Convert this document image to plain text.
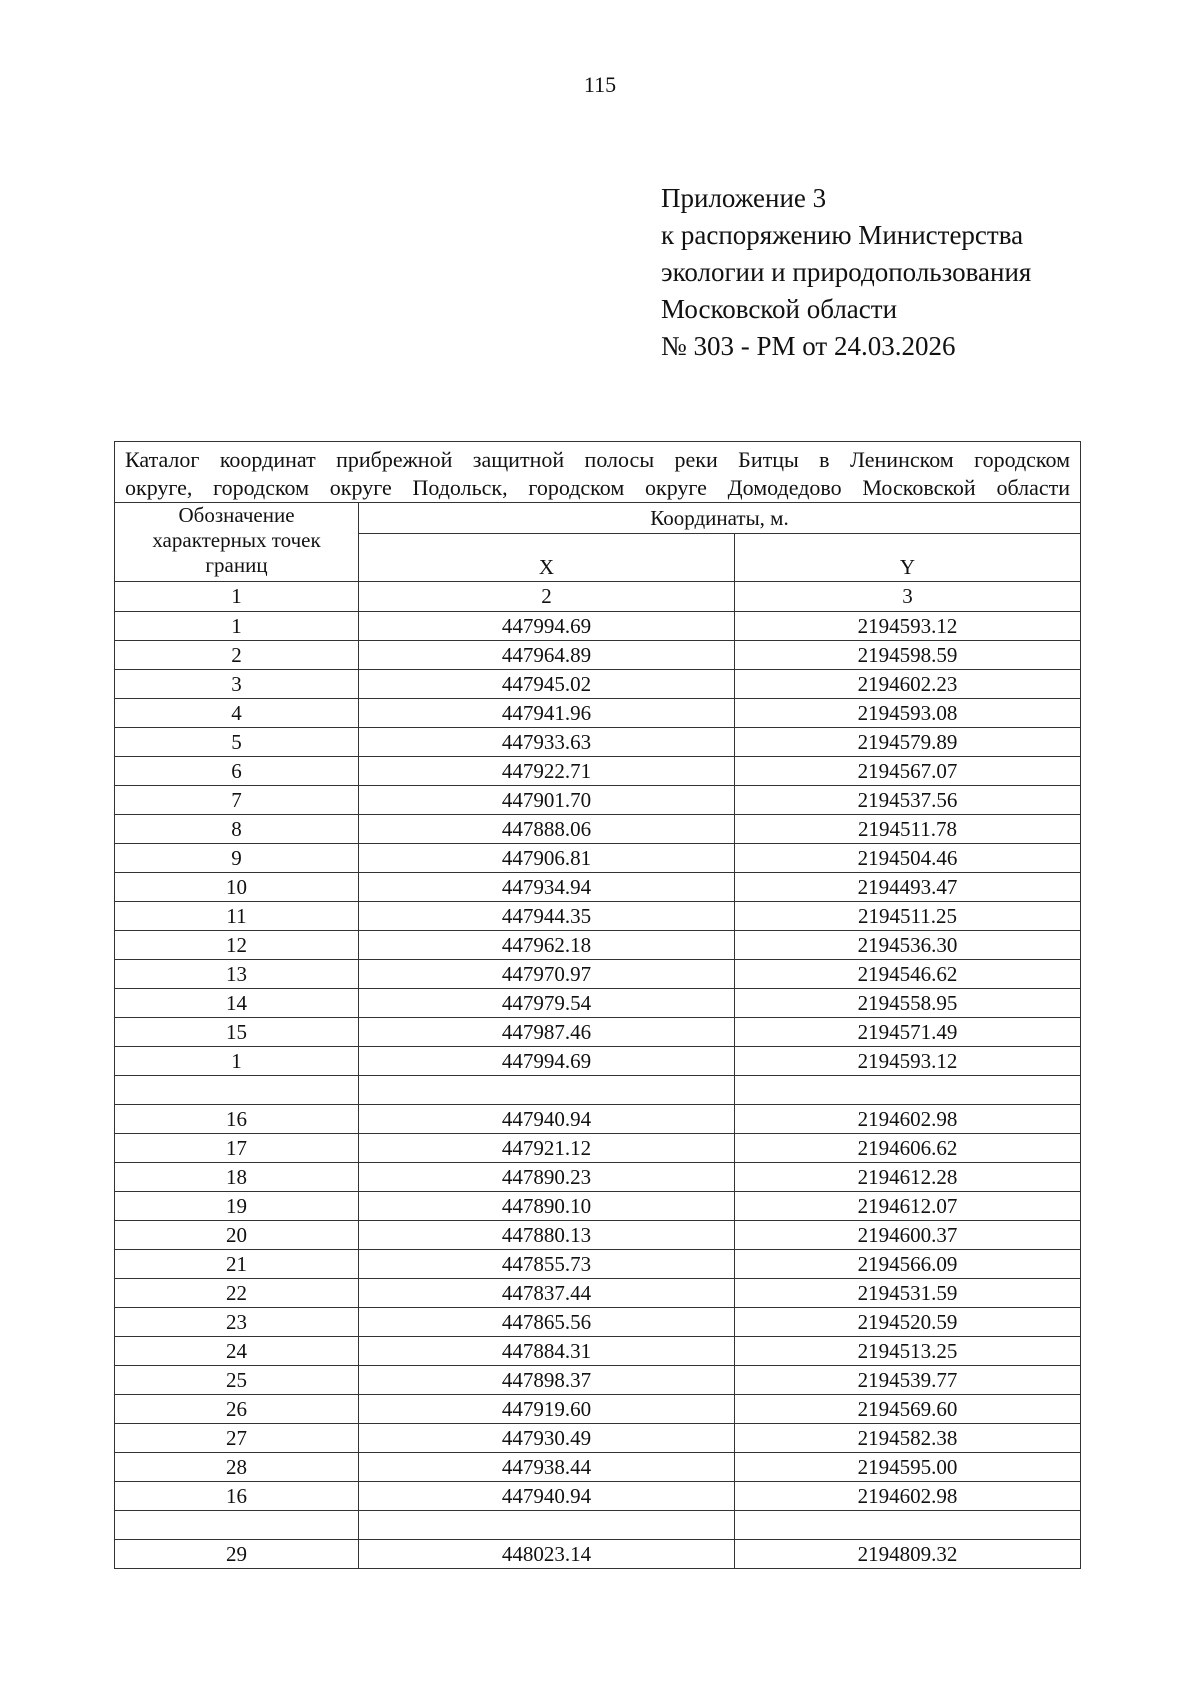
115
Приложение 3
к распоряжению Министерства
экологии и природопользования
Московской области
№ 303 - РМ от 24.03.2026
Каталог координат прибрежной защитной полосы реки Битцы в Ленинском городском
округе, городском округе Подольск, городском округе Домодедово Московской области		

Обозначение
характерных точек
границ	Координаты, м.	
	X	Y
1	2	3
1	447994.69	2194593.12
2	447964.89	2194598.59
3	447945.02	2194602.23
4	447941.96	2194593.08
5	447933.63	2194579.89
6	447922.71	2194567.07
7	447901.70	2194537.56
8	447888.06	2194511.78
9	447906.81	2194504.46
10	447934.94	2194493.47
11	447944.35	2194511.25
12	447962.18	2194536.30
13	447970.97	2194546.62
14	447979.54	2194558.95
15	447987.46	2194571.49
1	447994.69	2194593.12

16	447940.94	2194602.98
17	447921.12	2194606.62
18	447890.23	2194612.28
19	447890.10	2194612.07
20	447880.13	2194600.37
21	447855.73	2194566.09
22	447837.44	2194531.59
23	447865.56	2194520.59
24	447884.31	2194513.25
25	447898.37	2194539.77
26	447919.60	2194569.60
27	447930.49	2194582.38
28	447938.44	2194595.00
16	447940.94	2194602.98

29	448023.14	2194809.32
